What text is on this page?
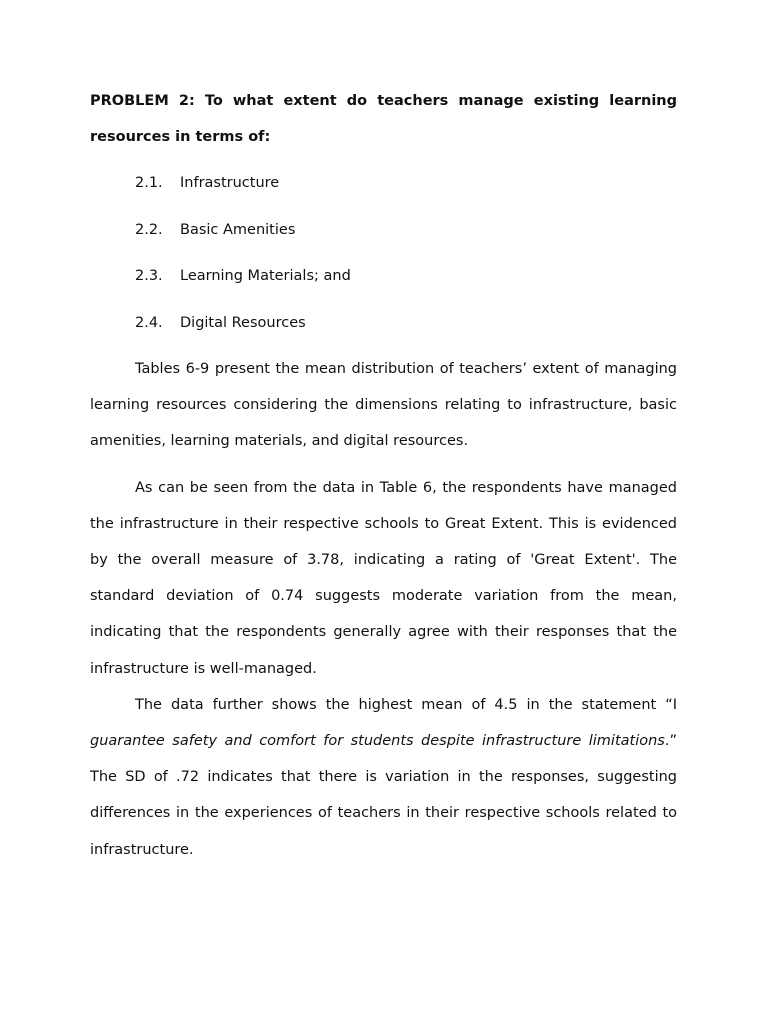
PROBLEM 2: To what extent do teachers manage existing learning resources in terms of:

2.1.	Infrastructure
2.2.	Basic Amenities
2.3.	Learning Materials; and
2.4.	Digital Resources

Tables 6-9 present the mean distribution of teachers’ extent of managing learning resources considering the dimensions relating to infrastructure, basic amenities, learning materials, and digital resources.

As can be seen from the data in Table 6, the respondents have managed the infrastructure in their respective schools to Great Extent. This is evidenced by the overall measure of 3.78, indicating a rating of 'Great Extent'. The standard deviation of 0.74 suggests moderate variation from the mean, indicating that the respondents generally agree with their responses that the infrastructure is well-managed.

The data further shows the highest mean of 4.5 in the statement “I guarantee safety and comfort for students despite infrastructure limitations.” The SD of .72 indicates that there is variation in the responses, suggesting differences in the experiences of teachers in their respective schools related to infrastructure.
